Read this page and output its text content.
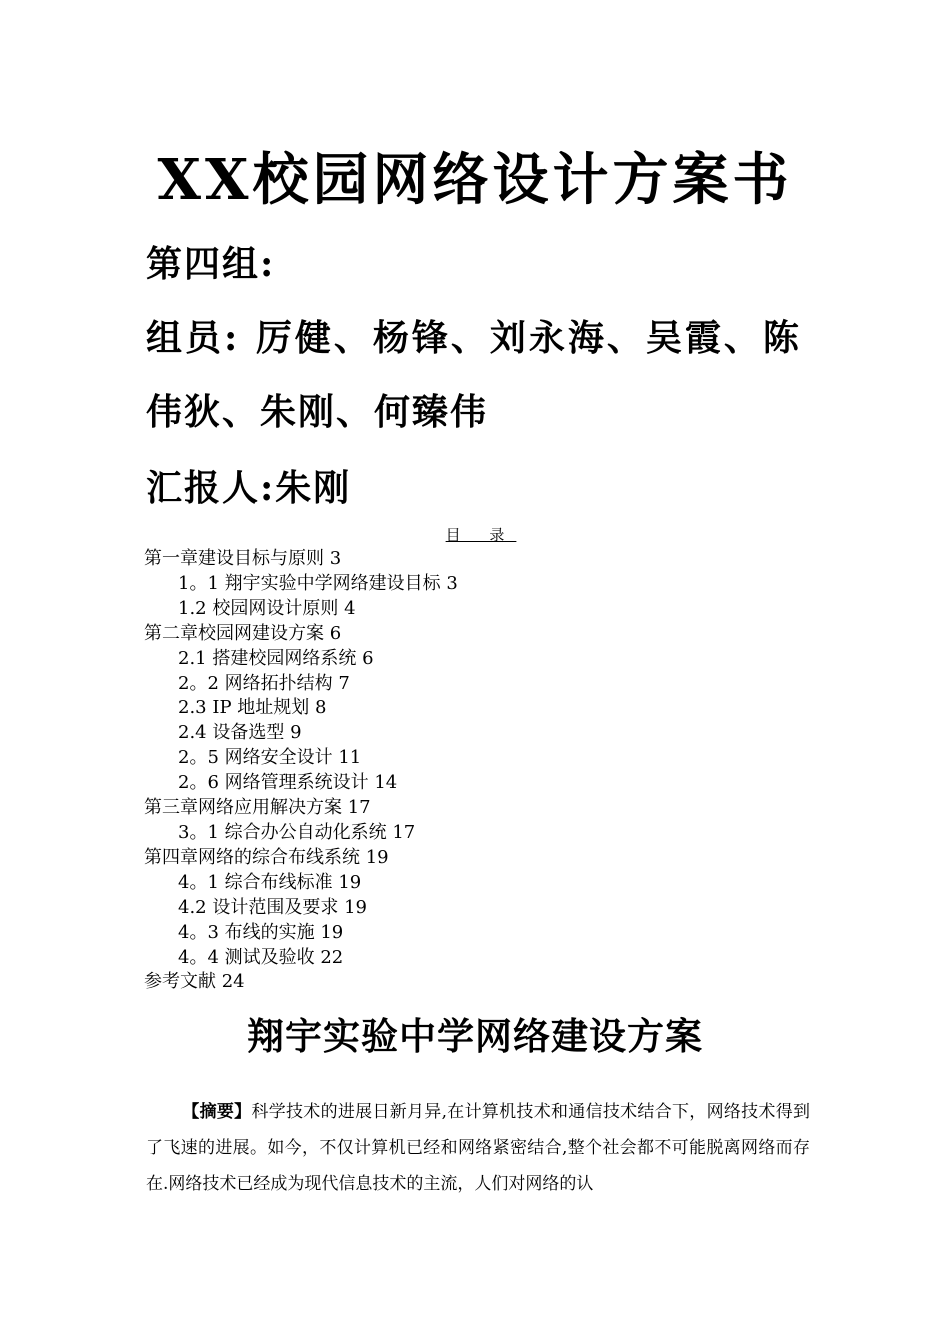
XX校园网络设计方案书

第四组:

组员: 厉健、杨锋、刘永海、吴霞、陈

伟狄、朱刚、何臻伟

汇报人:朱刚

目 录
第一章建设目标与原则 3
1。1 翔宇实验中学网络建设目标 3
1.2 校园网设计原则 4
第二章校园网建设方案 6
2.1 搭建校园网络系统 6
2。2 网络拓扑结构 7
2.3 IP 地址规划 8
2.4 设备选型 9
2。5 网络安全设计 11
2。6 网络管理系统设计 14
第三章网络应用解决方案 17
3。1 综合办公自动化系统 17
第四章网络的综合布线系统 19
4。1 综合布线标准 19
4.2 设计范围及要求 19
4。3 布线的实施 19
4。4 测试及验收 22
参考文献 24
翔宇实验中学网络建设方案

【摘要】科学技术的进展日新月异,在计算机技术和通信技术结合下，网络技术得到了飞速的进展。如今，不仅计算机已经和网络紧密结合,整个社会都不可能脱离网络而存在.网络技术已经成为现代信息技术的主流，人们对网络的认
